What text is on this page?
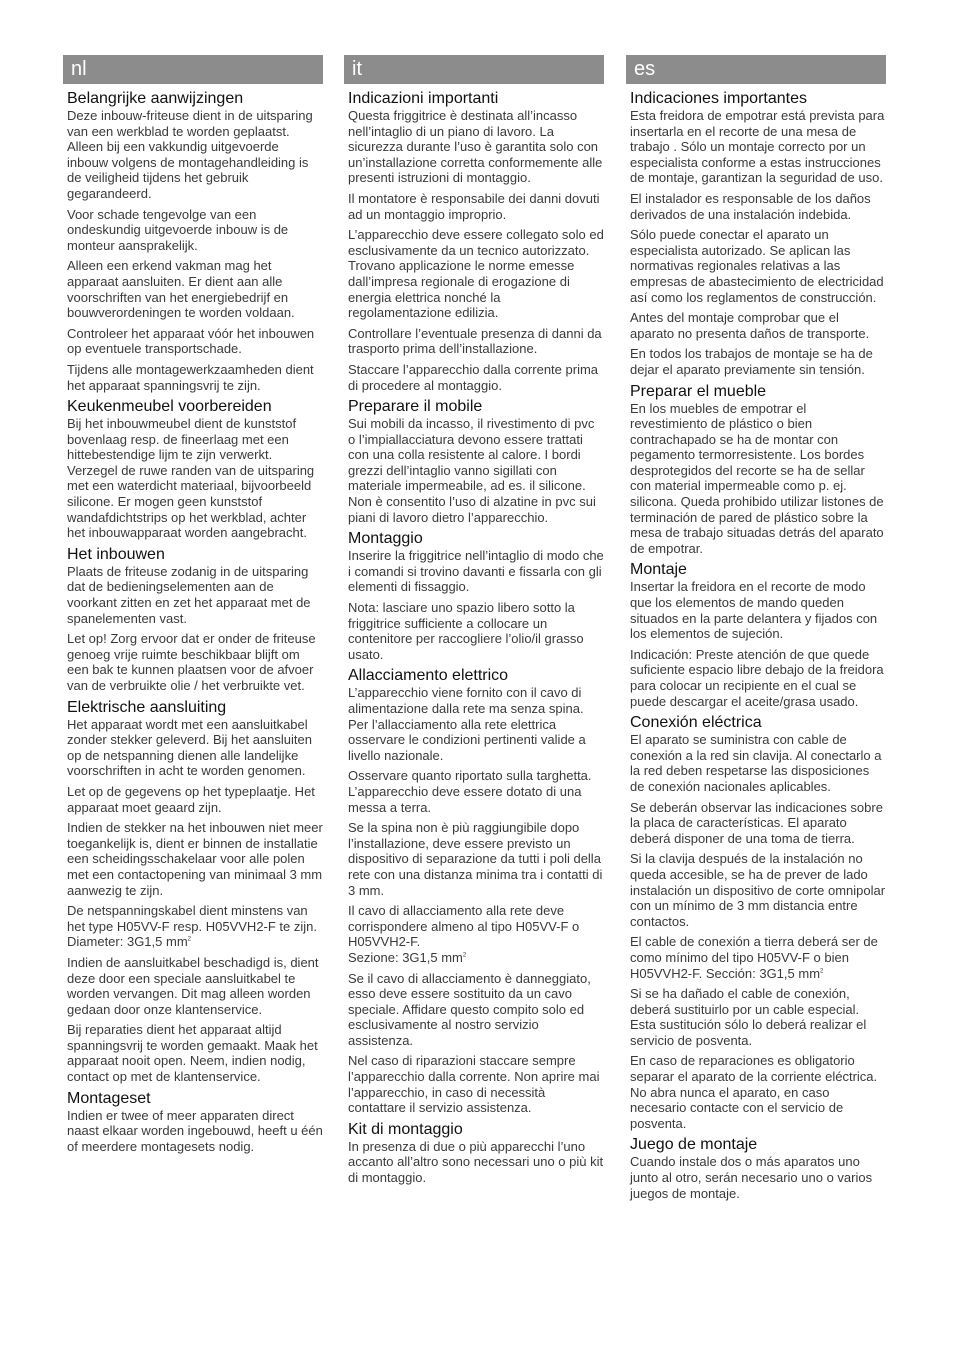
nl
Belangrijke aanwijzingen

Deze inbouw-friteuse dient in de uitsparing van een werkblad te worden geplaatst. Alleen bij een vakkundig uitgevoerde inbouw volgens de montagehandleiding is de veiligheid tijdens het gebruik gegarandeerd.

Voor schade tengevolge van een ondeskundig uitgevoerde inbouw is de monteur aansprakelijk.

Alleen een erkend vakman mag het apparaat aansluiten. Er dient aan alle voorschriften van het energiebedrijf en bouwverordeningen te worden voldaan.

Controleer het apparaat vóór het inbouwen op eventuele transportschade.

Tijdens alle montagewerkzaamheden dient het apparaat spanningsvrij te zijn.

Keukenmeubel voorbereiden

Bij het inbouwmeubel dient de kunststof bovenlaag resp. de fineerlaag met een hittebestendige lijm te zijn verwerkt. Verzegel de ruwe randen van de uitsparing met een waterdicht materiaal, bijvoorbeeld silicone. Er mogen geen kunststof wandafdichtstrips op het werkblad, achter het inbouwapparaat worden aangebracht.

Het inbouwen

Plaats de friteuse zodanig in de uitsparing dat de bedieningselementen aan de voorkant zitten en zet het apparaat met de spanelementen vast.

Let op! Zorg ervoor dat er onder de friteuse genoeg vrije ruimte beschikbaar blijft om een bak te kunnen plaatsen voor de afvoer van de verbruikte olie / het verbruikte vet.

Elektrische aansluiting

Het apparaat wordt met een aansluitkabel zonder stekker geleverd. Bij het aansluiten op de netspanning dienen alle landelijke voorschriften in acht te worden genomen.

Let op de gegevens op het typeplaatje. Het apparaat moet geaard zijn.

Indien de stekker na het inbouwen niet meer toegankelijk is, dient er binnen de installatie een scheidingsschakelaar voor alle polen met een contactopening van minimaal 3 mm aanwezig te zijn.

De netspanningskabel dient minstens van het type H05VV-F resp. H05VVH2-F te zijn.
Diameter: 3G1,5 $mm^2$

Indien de aansluitkabel beschadigd is, dient deze door een speciale aansluitkabel te worden vervangen. Dit mag alleen worden gedaan door onze klantenservice.

Bij reparaties dient het apparaat altijd spanningsvrij te worden gemaakt. Maak het apparaat nooit open. Neem, indien nodig, contact op met de klantenservice.

Montageset

Indien er twee of meer apparaten direct naast elkaar worden ingebouwd, heeft u één of meerdere montagesets nodig.

it
Indicazioni importanti

Questa friggitrice è destinata all’incasso nell’intaglio di un piano di lavoro. La sicurezza durante l’uso è garantita solo con un’installazione corretta conformemente alle presenti istruzioni di montaggio.

Il montatore è responsabile dei danni dovuti ad un montaggio improprio.

L’apparecchio deve essere collegato solo ed esclusivamente da un tecnico autorizzato. Trovano applicazione le norme emesse dall’impresa regionale di erogazione di energia elettrica nonché la regolamentazione edilizia.

Controllare l’eventuale presenza di danni da trasporto prima dell’installazione.

Staccare l’apparecchio dalla corrente prima di procedere al montaggio.

Preparare il mobile

Sui mobili da incasso, il rivestimento di pvc o l’impiallacciatura devono essere trattati con una colla resistente al calore. I bordi grezzi dell’intaglio vanno sigillati con materiale impermeabile, ad es. il silicone. Non è consentito l’uso di alzatine in pvc sui piani di lavoro dietro l’apparecchio.

Montaggio

Inserire la friggitrice nell’intaglio di modo che i comandi si trovino davanti e fissarla con gli elementi di fissaggio.

Nota: lasciare uno spazio libero sotto la friggitrice sufficiente a collocare un contenitore per raccogliere l’olio/il grasso usato.

Allacciamento elettrico

L’apparecchio viene fornito con il cavo di alimentazione dalla rete ma senza spina. Per l’allacciamento alla rete elettrica osservare le condizioni pertinenti valide a livello nazionale.

Osservare quanto riportato sulla targhetta. L’apparecchio deve essere dotato di una messa a terra.

Se la spina non è più raggiungibile dopo l’installazione, deve essere previsto un dispositivo di separazione da tutti i poli della rete con una distanza minima tra i contatti di 3 mm.

Il cavo di allacciamento alla rete deve corrispondere almeno al tipo H05VV-F o H05VVH2-F.
Sezione: 3G1,5 $mm^2$

Se il cavo di allacciamento è danneggiato, esso deve essere sostituito da un cavo speciale. Affidare questo compito solo ed esclusivamente al nostro servizio assistenza.

Nel caso di riparazioni staccare sempre l’apparecchio dalla corrente. Non aprire mai l’apparecchio, in caso di necessità contattare il servizio assistenza.

Kit di montaggio

In presenza di due o più apparecchi l’uno accanto all’altro sono necessari uno o più kit di montaggio.

es
Indicaciones importantes

Esta freidora de empotrar está prevista para insertarla en el recorte de una mesa de trabajo . Sólo un montaje correcto por un especialista conforme a estas instrucciones de montaje, garantizan la seguridad de uso.

El instalador es responsable de los daños derivados de una instalación indebida.

Sólo puede conectar el aparato un especialista autorizado. Se aplican las normativas regionales relativas a las empresas de abastecimiento de electricidad así como los reglamentos de construcción.

Antes del montaje comprobar que el aparato no presenta daños de transporte.

En todos los trabajos de montaje se ha de dejar el aparato previamente sin tensión.

Preparar el mueble

En los muebles de empotrar el revestimiento de plástico o bien contrachapado se ha de montar con pegamento termorresistente. Los bordes desprotegidos del recorte se ha de sellar con material impermeable como p. ej. silicona. Queda prohibido utilizar listones de terminación de pared de plástico sobre la mesa de trabajo situadas detrás del aparato de empotrar.

Montaje

Insertar la freidora en el recorte de modo que los elementos de mando queden situados en la parte delantera y fijados con los elementos de sujeción.

Indicación: Preste atención de que quede suficiente espacio libre debajo de la freidora para colocar un recipiente en el cual se puede descargar el aceite/grasa usado.

Conexión eléctrica

El aparato se suministra con cable de conexión a la red sin clavija. Al conectarlo a la red deben respetarse las disposiciones de conexión nacionales aplicables.

Se deberán observar las indicaciones sobre la placa de características. El aparato deberá disponer de una toma de tierra.

Si la clavija después de la instalación no queda accesible, se ha de prever de lado instalación un dispositivo de corte omnipolar con un mínimo de 3 mm distancia entre contactos.

El cable de conexión a tierra deberá ser de como mínimo del tipo H05VV-F o bien H05VVH2-F. Sección: 3G1,5 $mm^2$

Si se ha dañado el cable de conexión, deberá sustituirlo por un cable especial. Esta sustitución sólo lo deberá realizar el servicio de posventa.

En caso de reparaciones es obligatorio separar el aparato de la corriente eléctrica. No abra nunca el aparato, en caso necesario contacte con el servicio de posventa.

Juego de montaje

Cuando instale dos o más aparatos uno junto al otro, serán necesario uno o varios juegos de montaje.
